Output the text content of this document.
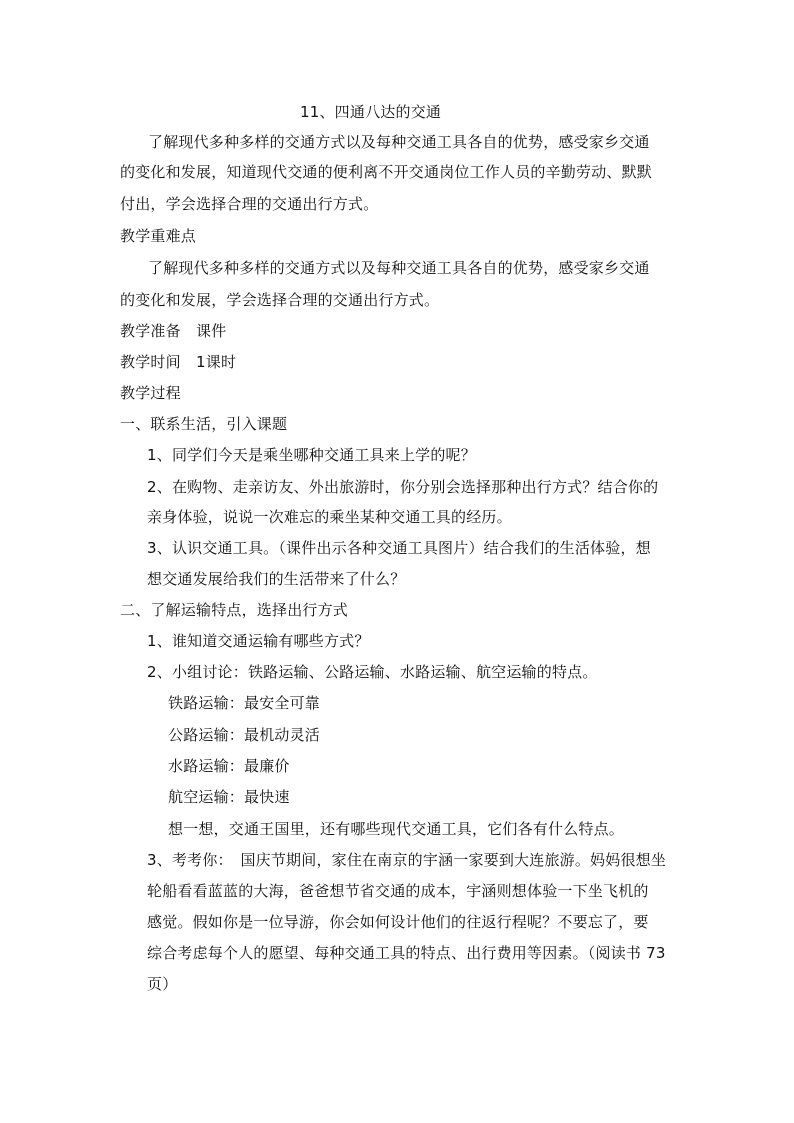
11、四通八达的交通
了解现代多种多样的交通方式以及每种交通工具各自的优势，感受家乡交通
的变化和发展，知道现代交通的便利离不开交通岗位工作人员的辛勤劳动、默默
付出，学会选择合理的交通出行方式。
教学重难点
了解现代多种多样的交通方式以及每种交通工具各自的优势，感受家乡交通
的变化和发展，学会选择合理的交通出行方式。
教学准备　课件
教学时间　1课时
教学过程
一、联系生活，引入课题
1、同学们今天是乘坐哪种交通工具来上学的呢？
2、在购物、走亲访友、外出旅游时，你分别会选择那种出行方式？结合你的
亲身体验，说说一次难忘的乘坐某种交通工具的经历。
3、认识交通工具。（课件出示各种交通工具图片）结合我们的生活体验，想
想交通发展给我们的生活带来了什么？
二、了解运输特点，选择出行方式
1、谁知道交通运输有哪些方式？
2、小组讨论：铁路运输、公路运输、水路运输、航空运输的特点。
铁路运输：最安全可靠
公路运输：最机动灵活
水路运输：最廉价
航空运输：最快速
想一想，交通王国里，还有哪些现代交通工具，它们各有什么特点。
3、考考你：　国庆节期间，家住在南京的宇涵一家要到大连旅游。妈妈很想坐
轮船看看蓝蓝的大海，爸爸想节省交通的成本，宇涵则想体验一下坐飞机的
感觉。假如你是一位导游，你会如何设计他们的往返行程呢？不要忘了，要
综合考虑每个人的愿望、每种交通工具的特点、出行费用等因素。（阅读书 73
页）
